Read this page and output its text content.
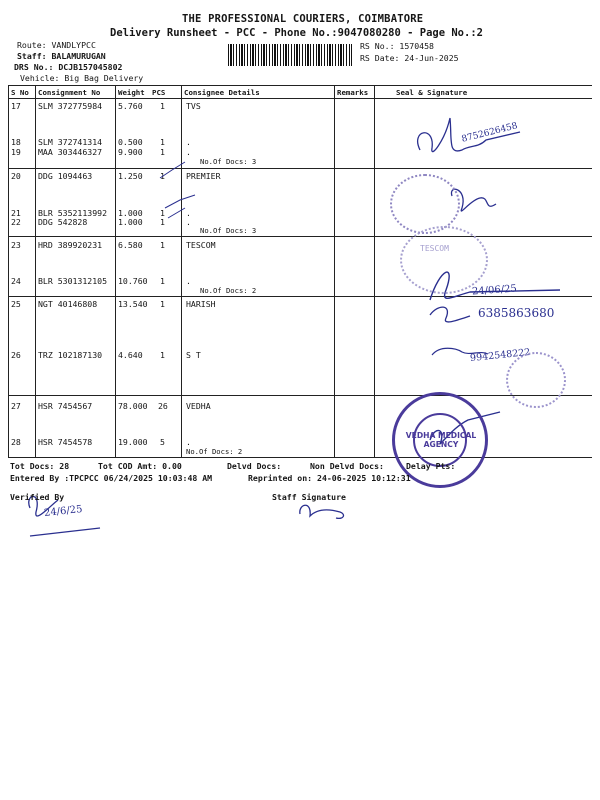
THE PROFESSIONAL COURIERS, COIMBATORE
Delivery Runsheet - PCC - Phone No.:9047080280 - Page No.:2
Route: VANDLYPCC
Staff: BALAMURUGAN
DRS No.: DCJB157045802
Vehicle: Big Bag Delivery
RS No.: 1570458
RS Date: 24-Jun-2025
S No Consignment No Weight PCS	Consignee Details	Remarks	Seal & Signature
17 SLM 372775984 5.760 1	TVS
18 SLM 372741314 0.500 1	.
19 MAA 303446327 9.900 1	.
No.Of Docs: 3
20 DDG 1094463	1.250 1	PREMIER
21 BLR 5352113992 1.000 1	.
22 DDG 542828	1.000 1	.
No.Of Docs: 3
23 HRD 389920231 6.580 1	TESCOM
24 BLR 5301312105 10.760 1	.
No.Of Docs: 2
25 NGT 40146808	13.540 1	HARISH
26 TRZ 102187130 4.640 1	S T
27 HSR 7454567	78.000 26 VEDHA
28 HSR 7454578	19.000 5	.
No.Of Docs: 2
8752626458
24/06/25
6385863680
9942548222
TESCOM
VEDHA MEDICAL AGENCY
Tot Docs: 28	Tot COD Amt: 0.00	Delvd Docs:	Non Delvd Docs:	Delay Pts:
Entered By :TPCPCC 06/24/2025 10:03:48 AM	Reprinted on: 24-06-2025 10:12:31
Verified By	Staff Signature
24/6/25
